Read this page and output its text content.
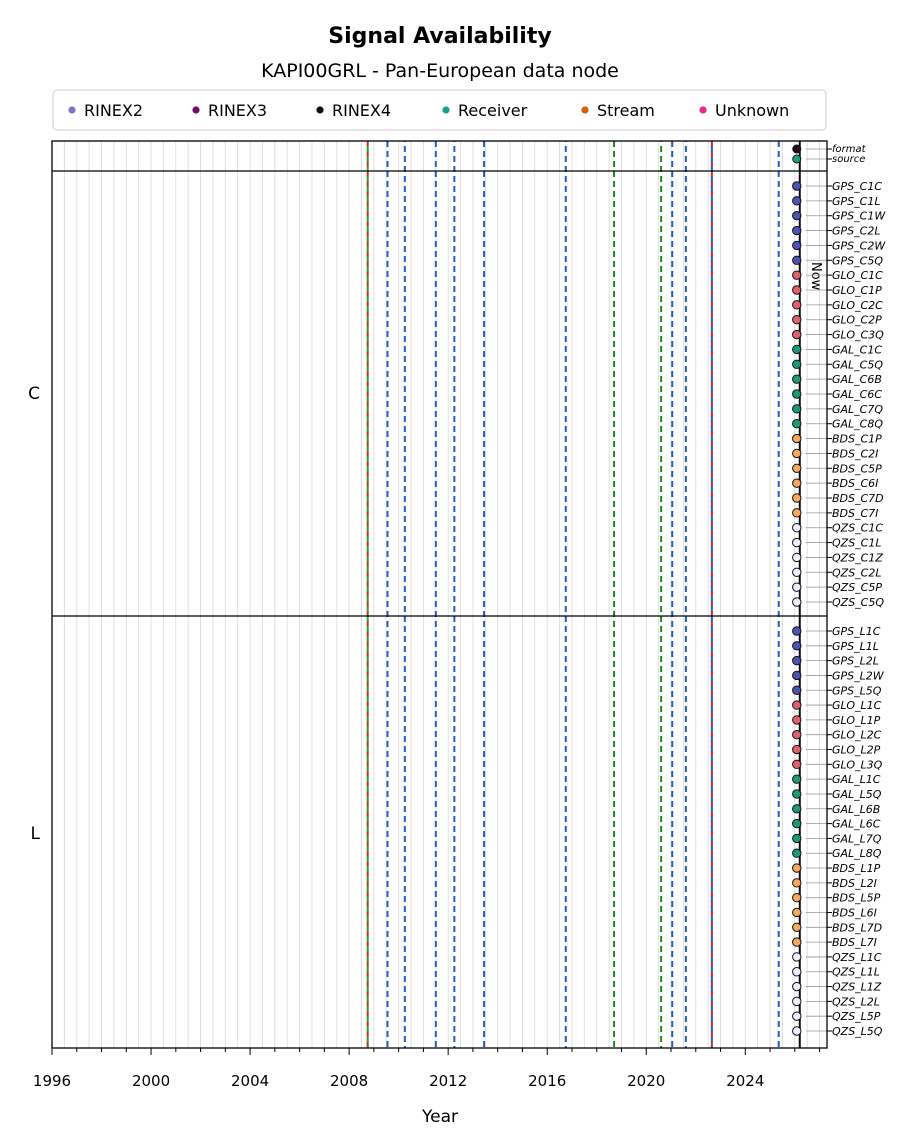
Signal Availability
KAPI00GRL - Pan-European data node
RINEX2	RINEX3	RINEX4	Receiver	Stream	Unknown
Now
format
source
GPS_C1C
GPS_C1L
GPS_C1W
GPS_C2L
GPS_C2W
GPS_C5Q
GLO_C1C
GLO_C1P
GLO_C2C
GLO_C2P
GLO_C3Q
GAL_C1C
GAL_C5Q
GAL_C6B
GAL_C6C
GAL_C7Q
GAL_C8Q
BDS_C1P
BDS_C2I
BDS_C5P
BDS_C6I
BDS_C7D
BDS_C7I
QZS_C1C
QZS_C1L
QZS_C1Z
QZS_C2L
QZS_C5P
QZS_C5Q
GPS_L1C
GPS_L1L
GPS_L2L
GPS_L2W
GPS_L5Q
GLO_L1C
GLO_L1P
GLO_L2C
GLO_L2P
GLO_L3Q
GAL_L1C
GAL_L5Q
GAL_L6B
GAL_L6C
GAL_L7Q
GAL_L8Q
BDS_L1P
BDS_L2I
BDS_L5P
BDS_L6I
BDS_L7D
BDS_L7I
QZS_L1C
QZS_L1L
QZS_L1Z
QZS_L2L
QZS_L5P
QZS_L5Q
C
L
1996	2000	2004	2008	2012	2016	2020	2024
Year
